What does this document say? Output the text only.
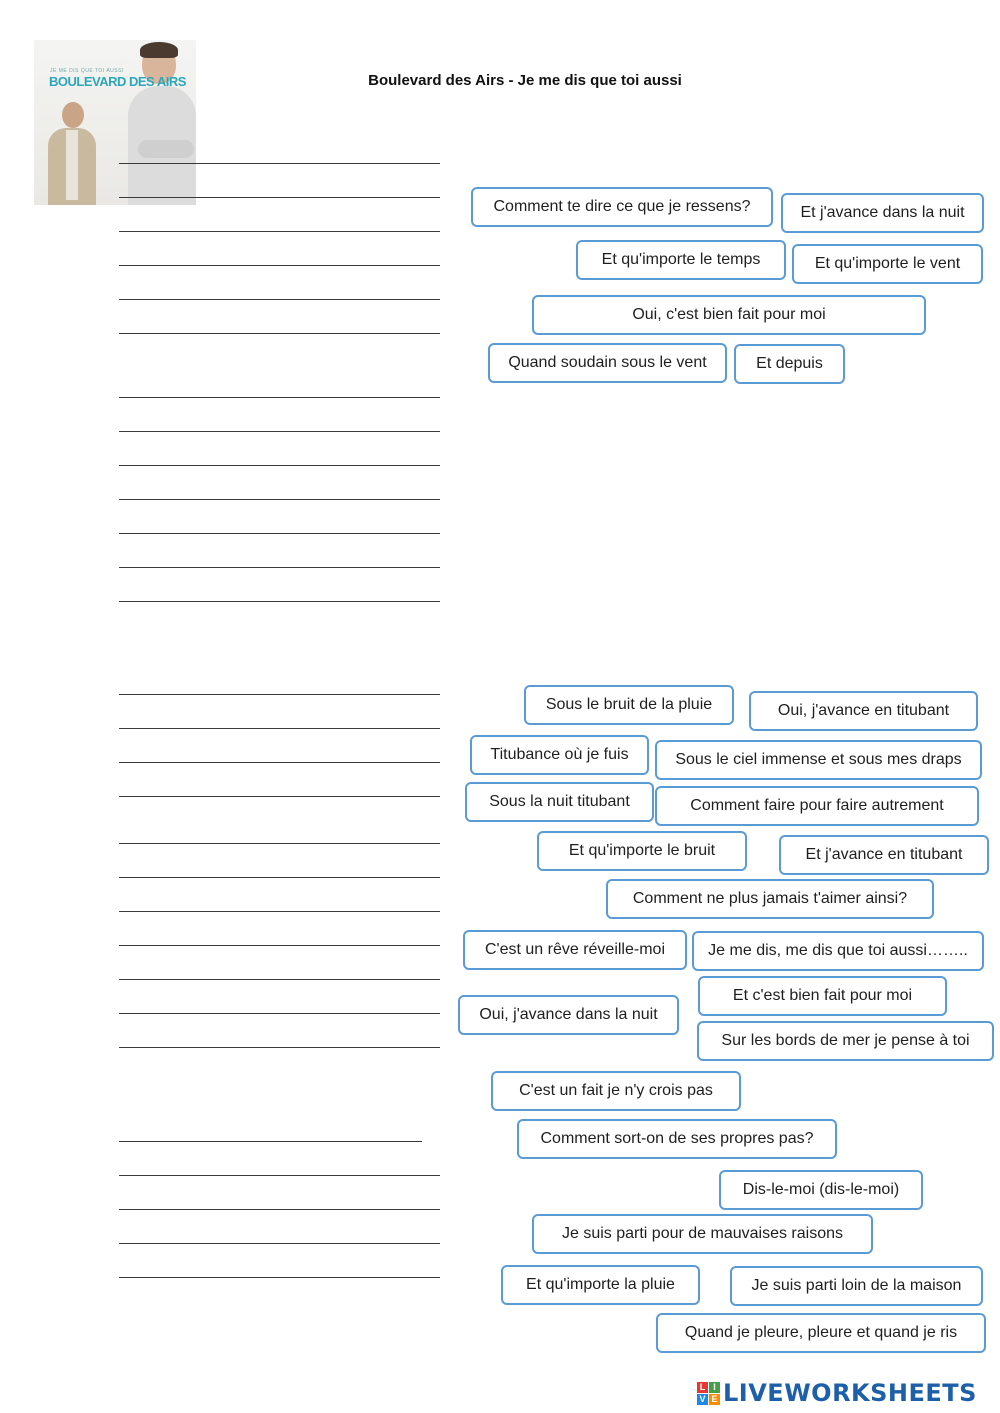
JE ME DIS QUE TOI AUSSI
BOULEVARD DES AIRS	Boulevard des Airs - Je me dis que toi aussi
Comment te dire ce que je ressens?	Et j'avance dans la nuit
Et qu'importe le temps	Et qu'importe le vent
Oui, c'est bien fait pour moi
Quand soudain sous le vent	Et depuis
Sous le bruit de la pluie	Oui, j'avance en titubant
Titubance où je fuis	Sous le ciel immense et sous mes draps
Sous la nuit titubant	Comment faire pour faire autrement
Et qu'importe le bruit	Et j'avance en titubant
Comment ne plus jamais t'aimer ainsi?
C'est un rêve réveille-moi	Je me dis, me dis que toi aussi……..
Et c'est bien fait pour moi
Oui, j'avance dans la nuit
Sur les bords de mer je pense à toi
C'est un fait je n'y crois pas
Comment sort-on de ses propres pas?
Dis-le-moi (dis-le-moi)
Je suis parti pour de mauvaises raisons
Et qu'importe la pluie	Je suis parti loin de la maison
Quand je pleure, pleure et quand je ris
L I
V E LIVEWORKSHEETS
